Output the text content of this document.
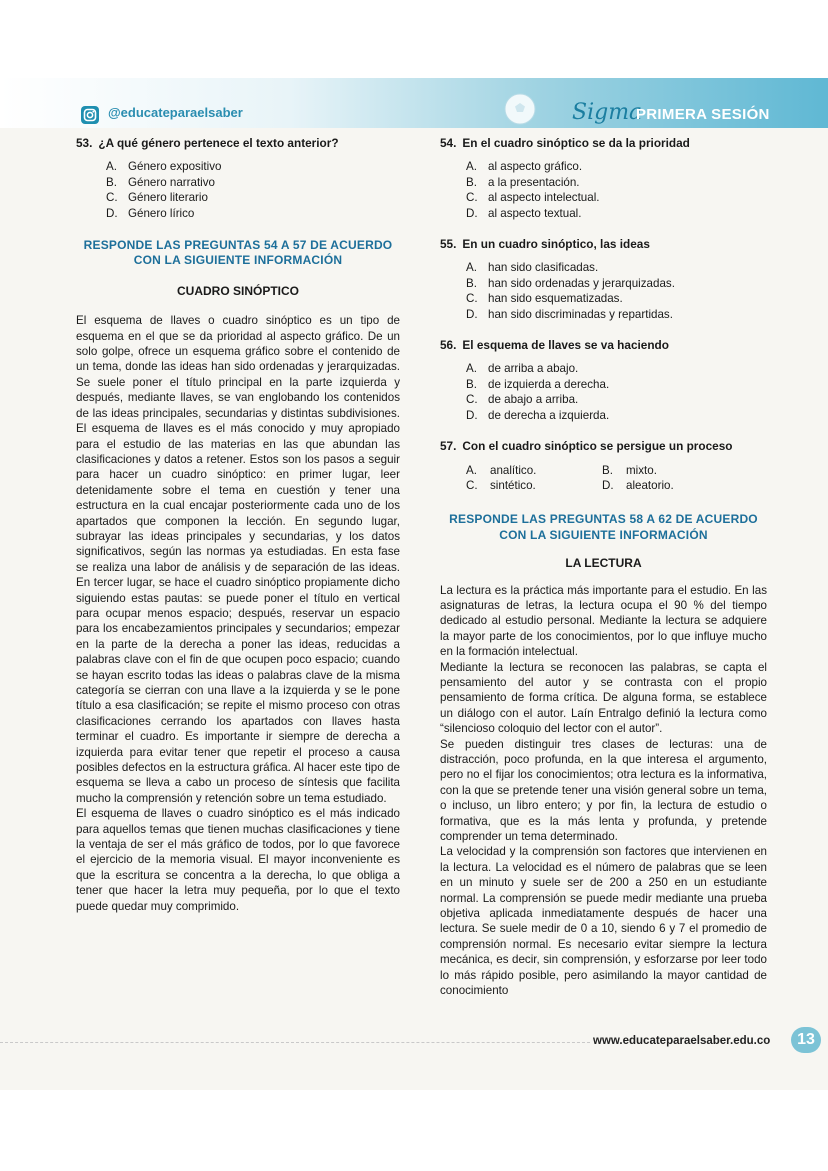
@educateparaelsaber	Sigma
PRIMERA SESIÓN
53. ¿A qué género pertenece el texto anterior?
A. Género expositivo
B. Género narrativo
C. Género literario
D. Género lírico
RESPONDE LAS PREGUNTAS 54 A 57 DE ACUERDO
CON LA SIGUIENTE INFORMACIÓN
CUADRO SINÓPTICO
El esquema de llaves o cuadro sinóptico es un tipo de esquema en el que se da prioridad al aspecto gráfico. De un solo golpe, ofrece un esquema gráfico sobre el contenido de un tema, donde las ideas han sido ordenadas y jerarquizadas. Se suele poner el título principal en la parte izquierda y después, mediante llaves, se van englobando los contenidos de las ideas principales, secundarias y distintas subdivisiones. El esquema de llaves es el más conocido y muy apropiado para el estudio de las materias en las que abundan las clasificaciones y datos a retener. Estos son los pasos a seguir para hacer un cuadro sinóptico: en primer lugar, leer detenidamente sobre el tema en cuestión y tener una estructura en la cual encajar posteriormente cada uno de los apartados que componen la lección. En segundo lugar, subrayar las ideas principales y secundarias, y los datos significativos, según las normas ya estudiadas. En esta fase se realiza una labor de análisis y de separación de las ideas. En tercer lugar, se hace el cuadro sinóptico propiamente dicho siguiendo estas pautas: se puede poner el título en vertical para ocupar menos espacio; después, reservar un espacio para los encabezamientos principales y secundarios; empezar en la parte de la derecha a poner las ideas, reducidas a palabras clave con el fin de que ocupen poco espacio; cuando se hayan escrito todas las ideas o palabras clave de la misma categoría se cierran con una llave a la izquierda y se le pone título a esa clasificación; se repite el mismo proceso con otras clasificaciones cerrando los apartados con llaves hasta terminar el cuadro. Es importante ir siempre de derecha a izquierda para evitar tener que repetir el proceso a causa posibles defectos en la estructura gráfica. Al hacer este tipo de esquema se lleva a cabo un proceso de síntesis que facilita mucho la comprensión y retención sobre un tema estudiado.
El esquema de llaves o cuadro sinóptico es el más indicado para aquellos temas que tienen muchas clasificaciones y tiene la ventaja de ser el más gráfico de todos, por lo que favorece el ejercicio de la memoria visual. El mayor inconveniente es que la escritura se concentra a la derecha, lo que obliga a tener que hacer la letra muy pequeña, por lo que el texto puede quedar muy comprimido.
54. En el cuadro sinóptico se da la prioridad
A. al aspecto gráfico.
B. a la presentación.
C. al aspecto intelectual.
D. al aspecto textual.
55. En un cuadro sinóptico, las ideas
A. han sido clasificadas.
B. han sido ordenadas y jerarquizadas.
C. han sido esquematizadas.
D. han sido discriminadas y repartidas.
56. El esquema de llaves se va haciendo
A. de arriba a abajo.
B. de izquierda a derecha.
C. de abajo a arriba.
D. de derecha a izquierda.
57. Con el cuadro sinóptico se persigue un proceso
A.	analítico.	B.	mixto.
C.	sintético.	D.	aleatorio.
RESPONDE LAS PREGUNTAS 58 A 62 DE ACUERDO
CON LA SIGUIENTE INFORMACIÓN
LA LECTURA
La lectura es la práctica más importante para el estudio. En las asignaturas de letras, la lectura ocupa el 90 % del tiempo dedicado al estudio personal. Mediante la lectura se adquiere la mayor parte de los conocimientos, por lo que influye mucho en la formación intelectual.
Mediante la lectura se reconocen las palabras, se capta el pensamiento del autor y se contrasta con el propio pensamiento de forma crítica. De alguna forma, se establece un diálogo con el autor. Laín Entralgo definió la lectura como “silencioso coloquio del lector con el autor”.
Se pueden distinguir tres clases de lecturas: una de distracción, poco profunda, en la que interesa el argumento, pero no el fijar los conocimientos; otra lectura es la informativa, con la que se pretende tener una visión general sobre un tema, o incluso, un libro entero; y por fin, la lectura de estudio o formativa, que es la más lenta y profunda, y pretende comprender un tema determinado.
La velocidad y la comprensión son factores que intervienen en la lectura. La velocidad es el número de palabras que se leen en un minuto y suele ser de 200 a 250 en un estudiante normal. La comprensión se puede medir mediante una prueba objetiva aplicada inmediatamente después de hacer una lectura. Se suele medir de 0 a 10, siendo 6 y 7 el promedio de comprensión normal. Es necesario evitar siempre la lectura mecánica, es decir, sin comprensión, y esforzarse por leer todo lo más rápido posible, pero asimilando la mayor cantidad de conocimiento
www.educateparaelsaber.edu.co	13
